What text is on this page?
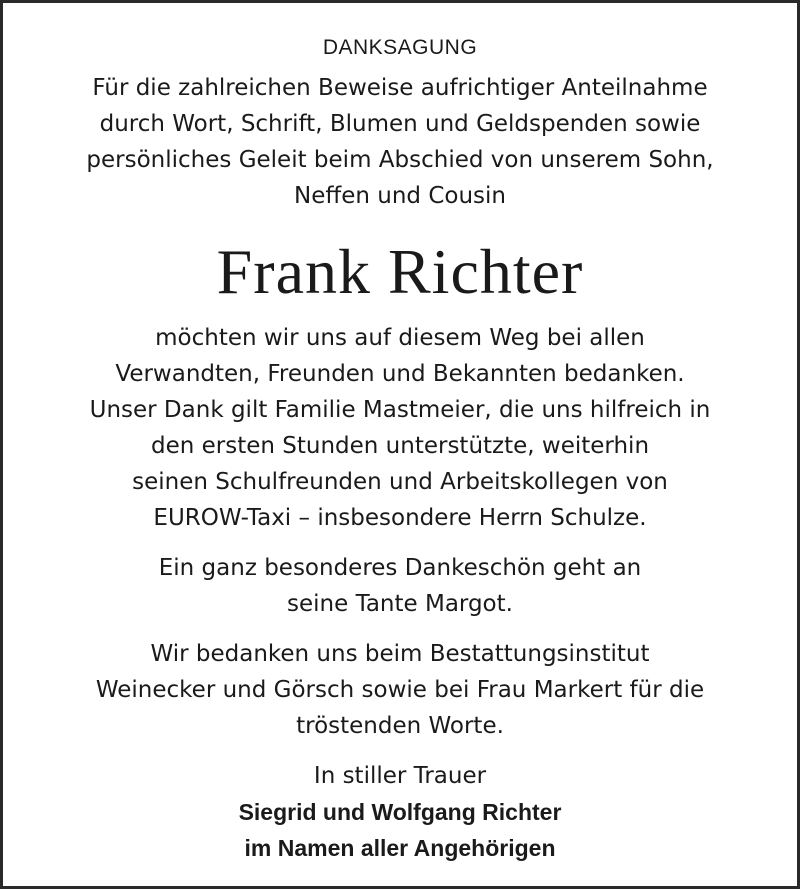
DANKSAGUNG

Für die zahlreichen Beweise aufrichtiger Anteilnahme
durch Wort, Schrift, Blumen und Geldspenden sowie
persönliches Geleit beim Abschied von unserem Sohn,
Neffen und Cousin

Frank Richter

möchten wir uns auf diesem Weg bei allen
Verwandten, Freunden und Bekannten bedanken.
Unser Dank gilt Familie Mastmeier, die uns hilfreich in
den ersten Stunden unterstützte, weiterhin
seinen Schulfreunden und Arbeitskollegen von
EUROW-Taxi – insbesondere Herrn Schulze.

Ein ganz besonderes Dankeschön geht an
seine Tante Margot.

Wir bedanken uns beim Bestattungsinstitut
Weinecker und Görsch sowie bei Frau Markert für die
tröstenden Worte.

In stiller Trauer
Siegrid und Wolfgang Richter
im Namen aller Angehörigen
